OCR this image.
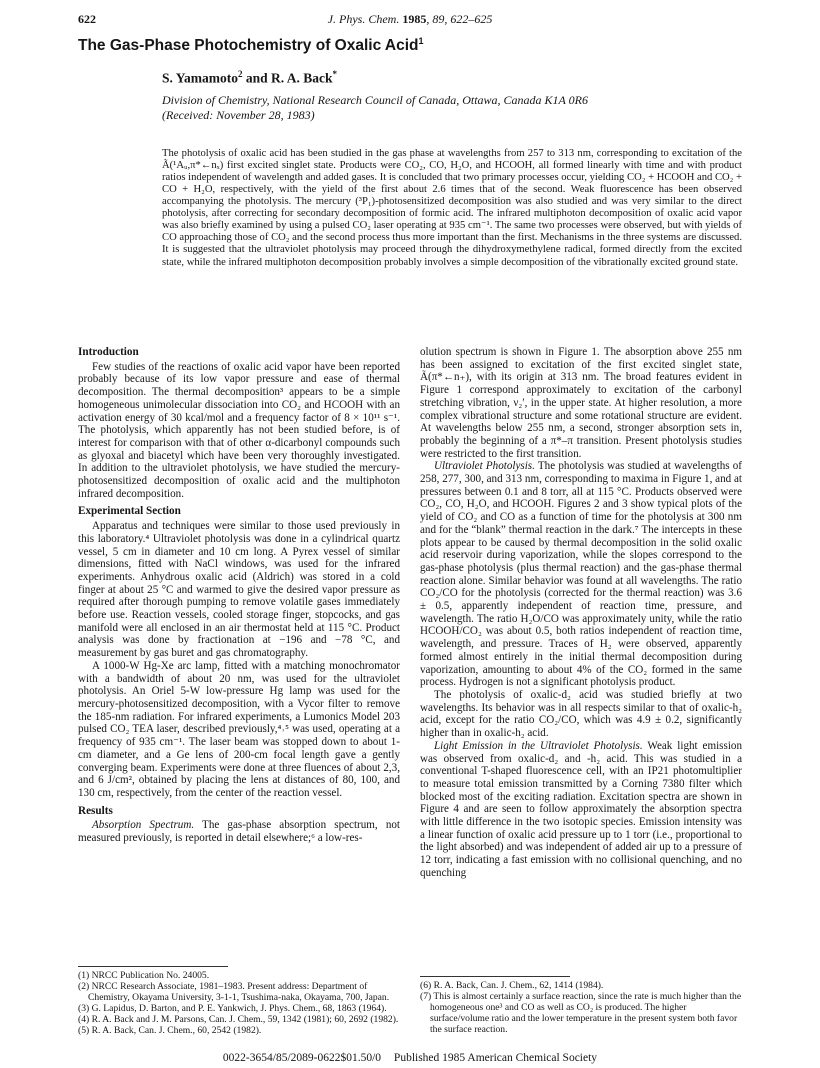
622	J. Phys. Chem. 1985, 89, 622–625
The Gas-Phase Photochemistry of Oxalic Acid$^1$
S. Yamamoto$^2$ and R. A. Back*
Division of Chemistry, National Research Council of Canada, Ottawa, Canada K1A 0R6
(Received: November 28, 1983)
The photolysis of oxalic acid has been studied in the gas phase at wavelengths from 257 to 313 nm, corresponding to excitation of the Ã(¹Aᵤ,π*←nₓ) first excited singlet state. Products were CO₂, CO, H₂O, and HCOOH, all formed linearly with time and with product ratios independent of wavelength and added gases. It is concluded that two primary processes occur, yielding CO₂ + HCOOH and CO₂ + CO + H₂O, respectively, with the yield of the first about 2.6 times that of the second. Weak fluorescence has been observed accompanying the photolysis. The mercury (³P₁)-photosensitized decomposition was also studied and was very similar to the direct photolysis, after correcting for secondary decomposition of formic acid. The infrared multiphoton decomposition of oxalic acid vapor was also briefly examined by using a pulsed CO₂ laser operating at 935 cm⁻¹. The same two processes were observed, but with yields of CO approaching those of CO₂ and the second process thus more important than the first. Mechanisms in the three systems are discussed. It is suggested that the ultraviolet photolysis may proceed through the dihydroxymethylene radical, formed directly from the excited state, while the infrared multiphoton decomposition probably involves a simple decomposition of the vibrationally excited ground state.
Introduction

Few studies of the reactions of oxalic acid vapor have been reported probably because of its low vapor pressure and ease of thermal decomposition. The thermal decomposition³ appears to be a simple homogeneous unimolecular dissociation into CO₂ and HCOOH with an activation energy of 30 kcal/mol and a frequency factor of 8 × 10¹¹ s⁻¹. The photolysis, which apparently has not been studied before, is of interest for comparison with that of other α-dicarbonyl compounds such as glyoxal and biacetyl which have been very thoroughly investigated. In addition to the ultraviolet photolysis, we have studied the mercury-photosensitized decomposition of oxalic acid and the multiphoton infrared decomposition.

Experimental Section

Apparatus and techniques were similar to those used previously in this laboratory.⁴ Ultraviolet photolysis was done in a cylindrical quartz vessel, 5 cm in diameter and 10 cm long. A Pyrex vessel of similar dimensions, fitted with NaCl windows, was used for the infrared experiments. Anhydrous oxalic acid (Aldrich) was stored in a cold finger at about 25 °C and warmed to give the desired vapor pressure as required after thorough pumping to remove volatile gases immediately before use. Reaction vessels, cooled storage finger, stopcocks, and gas manifold were all enclosed in an air thermostat held at 115 °C. Product analysis was done by fractionation at −196 and −78 °C, and measurement by gas buret and gas chromatography.

A 1000-W Hg-Xe arc lamp, fitted with a matching monochromator with a bandwidth of about 20 nm, was used for the ultraviolet photolysis. An Oriel 5-W low-pressure Hg lamp was used for the mercury-photosensitized decomposition, with a Vycor filter to remove the 185-nm radiation. For infrared experiments, a Lumonics Model 203 pulsed CO₂ TEA laser, described previously,⁴˒⁵ was used, operating at a frequency of 935 cm⁻¹. The laser beam was stopped down to about 1-cm diameter, and a Ge lens of 200-cm focal length gave a gently converging beam. Experiments were done at three fluences of about 2,3, and 6 J/cm², obtained by placing the lens at distances of 80, 100, and 130 cm, respectively, from the center of the reaction vessel.

Results

Absorption Spectrum. The gas-phase absorption spectrum, not measured previously, is reported in detail elsewhere;⁶ a low-res-

olution spectrum is shown in Figure 1. The absorption above 255 nm has been assigned to excitation of the first excited singlet state, Ã(π*←n₊), with its origin at 313 nm. The broad features evident in Figure 1 correspond approximately to excitation of the carbonyl stretching vibration, ν₂′, in the upper state. At higher resolution, a more complex vibrational structure and some rotational structure are evident. At wavelengths below 255 nm, a second, stronger absorption sets in, probably the beginning of a π*–π transition. Present photolysis studies were restricted to the first transition.

Ultraviolet Photolysis. The photolysis was studied at wavelengths of 258, 277, 300, and 313 nm, corresponding to maxima in Figure 1, and at pressures between 0.1 and 8 torr, all at 115 °C. Products observed were CO₂, CO, H₂O, and HCOOH. Figures 2 and 3 show typical plots of the yield of CO₂ and CO as a function of time for the photolysis at 300 nm and for the “blank” thermal reaction in the dark.⁷ The intercepts in these plots appear to be caused by thermal decomposition in the solid oxalic acid reservoir during vaporization, while the slopes correspond to the gas-phase photolysis (plus thermal reaction) and the gas-phase thermal reaction alone. Similar behavior was found at all wavelengths. The ratio CO₂/CO for the photolysis (corrected for the thermal reaction) was 3.6 ± 0.5, apparently independent of reaction time, pressure, and wavelength. The ratio H₂O/CO was approximately unity, while the ratio HCOOH/CO₂ was about 0.5, both ratios independent of reaction time, wavelength, and pressure. Traces of H₂ were observed, apparently formed almost entirely in the initial thermal decomposition during vaporization, amounting to about 4% of the CO₂ formed in the same process. Hydrogen is not a significant photolysis product.

The photolysis of oxalic-d₂ acid was studied briefly at two wavelengths. Its behavior was in all respects similar to that of oxalic-h₂ acid, except for the ratio CO₂/CO, which was 4.9 ± 0.2, significantly higher than in oxalic-h₂ acid.

Light Emission in the Ultraviolet Photolysis. Weak light emission was observed from oxalic-d₂ and -h₂ acid. This was studied in a conventional T-shaped fluorescence cell, with an IP21 photomultiplier to measure total emission transmitted by a Corning 7380 filter which blocked most of the exciting radiation. Excitation spectra are shown in Figure 4 and are seen to follow approximately the absorption spectra with little difference in the two isotopic species. Emission intensity was a linear function of oxalic acid pressure up to 1 torr (i.e., proportional to the light absorbed) and was independent of added air up to a pressure of 12 torr, indicating a fast emission with no collisional quenching, and no quenching

(1) NRCC Publication No. 24005.
(2) NRCC Research Associate, 1981–1983. Present address: Department of Chemistry, Okayama University, 3-1-1, Tsushima-naka, Okayama, 700, Japan.
(3) G. Lapidus, D. Barton, and P. E. Yankwich, J. Phys. Chem., 68, 1863 (1964).
(4) R. A. Back and J. M. Parsons, Can. J. Chem., 59, 1342 (1981); 60, 2692 (1982).
(5) R. A. Back, Can. J. Chem., 60, 2542 (1982).
(6) R. A. Back, Can. J. Chem., 62, 1414 (1984).
(7) This is almost certainly a surface reaction, since the rate is much higher than the homogeneous one³ and CO as well as CO₂ is produced. The higher surface/volume ratio and the lower temperature in the present system both favor the surface reaction.
0022-3654/85/2089-0622$01.50/0 Published 1985 American Chemical Society
